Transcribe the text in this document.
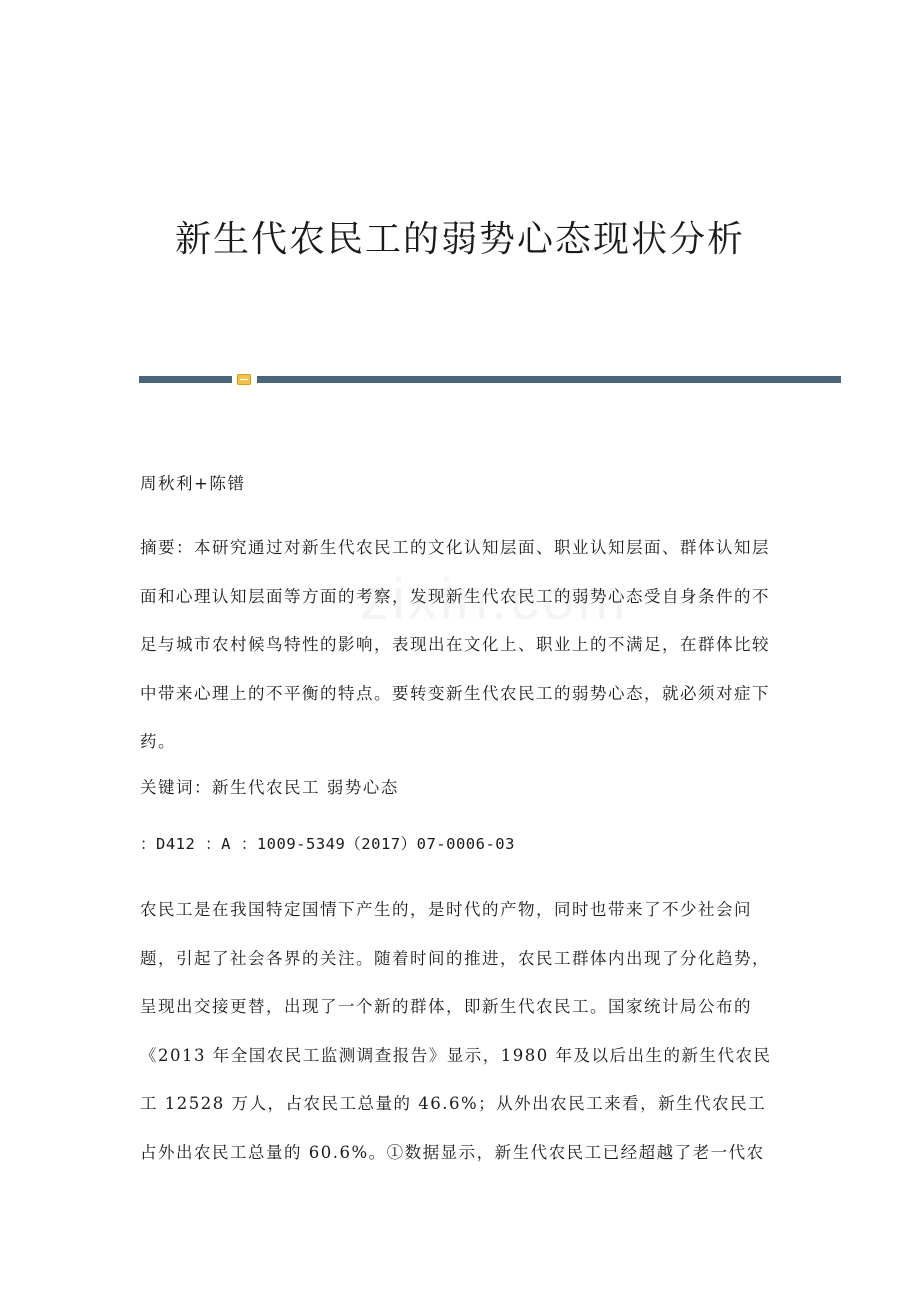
新生代农民工的弱势心态现状分析

周秋利+陈镨

摘要：本研究通过对新生代农民工的文化认知层面、职业认知层面、群体认知层面和心理认知层面等方面的考察，发现新生代农民工的弱势心态受自身条件的不足与城市农村候鸟特性的影响，表现出在文化上、职业上的不满足，在群体比较中带来心理上的不平衡的特点。要转变新生代农民工的弱势心态，就必须对症下药。

关键词：新生代农民工 弱势心态

：D412 ：A ：1009-5349（2017）07-0006-03

农民工是在我国特定国情下产生的，是时代的产物，同时也带来了不少社会问题，引起了社会各界的关注。随着时间的推进，农民工群体内出现了分化趋势，呈现出交接更替，出现了一个新的群体，即新生代农民工。国家统计局公布的《2013 年全国农民工监测调查报告》显示，1980 年及以后出生的新生代农民工 12528 万人，占农民工总量的 46.6%；从外出农民工来看，新生代农民工占外出农民工总量的 60.6%。①数据显示，新生代农民工已经超越了老一代农
